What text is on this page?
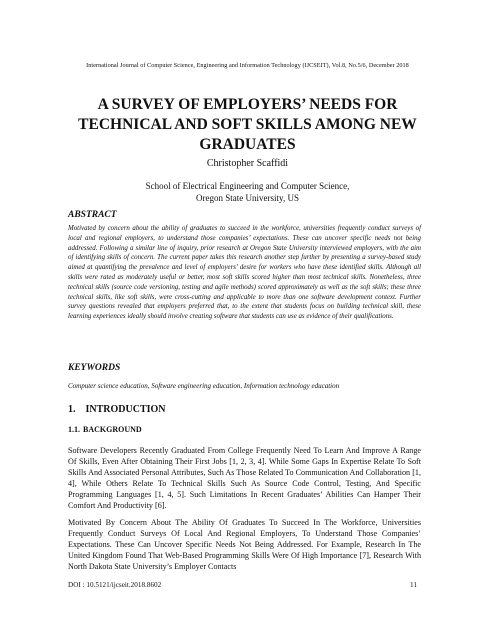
International Journal of Computer Science, Engineering and Information Technology (IJCSEIT), Vol.8, No.5/6, December 2018
A SURVEY OF EMPLOYERS’ NEEDS FOR
TECHNICAL AND SOFT SKILLS AMONG NEW
GRADUATES
Christopher Scaffidi
School of Electrical Engineering and Computer Science,
Oregon State University, US
ABSTRACT
Motivated by concern about the ability of graduates to succeed in the workforce, universities frequently conduct surveys of local and regional employers, to understand those companies’ expectations. These can uncover specific needs not being addressed. Following a similar line of inquiry, prior research at Oregon State University interviewed employers, with the aim of identifying skills of concern. The current paper takes this research another step further by presenting a survey-based study aimed at quantifying the prevalence and level of employers’ desire for workers who have these identified skills. Although all skills were rated as moderately useful or better, most soft skills scored higher than most technical skills. Nonetheless, three technical skills (source code versioning, testing and agile methods) scored approximately as well as the soft skills; these three technical skills, like soft skills, were cross-cutting and applicable to more than one software development context. Further survey questions revealed that employers preferred that, to the extent that students focus on building technical skill, these learning experiences ideally should involve creating software that students can use as evidence of their qualifications.
KEYWORDS
Computer science education, Software engineering education, Information technology education
1. INTRODUCTION
1.1. BACKGROUND
Software Developers Recently Graduated From College Frequently Need To Learn And Improve A Range Of Skills, Even After Obtaining Their First Jobs [1, 2, 3, 4]. While Some Gaps In Expertise Relate To Soft Skills And Associated Personal Attributes, Such As Those Related To Communication And Collaboration [1, 4], While Others Relate To Technical Skills Such As Source Code Control, Testing, And Specific Programming Languages [1, 4, 5]. Such Limitations In Recent Graduates’ Abilities Can Hamper Their Comfort And Productivity [6].
Motivated By Concern About The Ability Of Graduates To Succeed In The Workforce, Universities Frequently Conduct Surveys Of Local And Regional Employers, To Understand Those Companies’ Expectations. These Can Uncover Specific Needs Not Being Addressed. For Example, Research In The United Kingdom Found That Web-Based Programming Skills Were Of High Importance [7], Research With North Dakota State University’s Employer Contacts
DOI : 10.5121/ijcseit.2018.8602	11
